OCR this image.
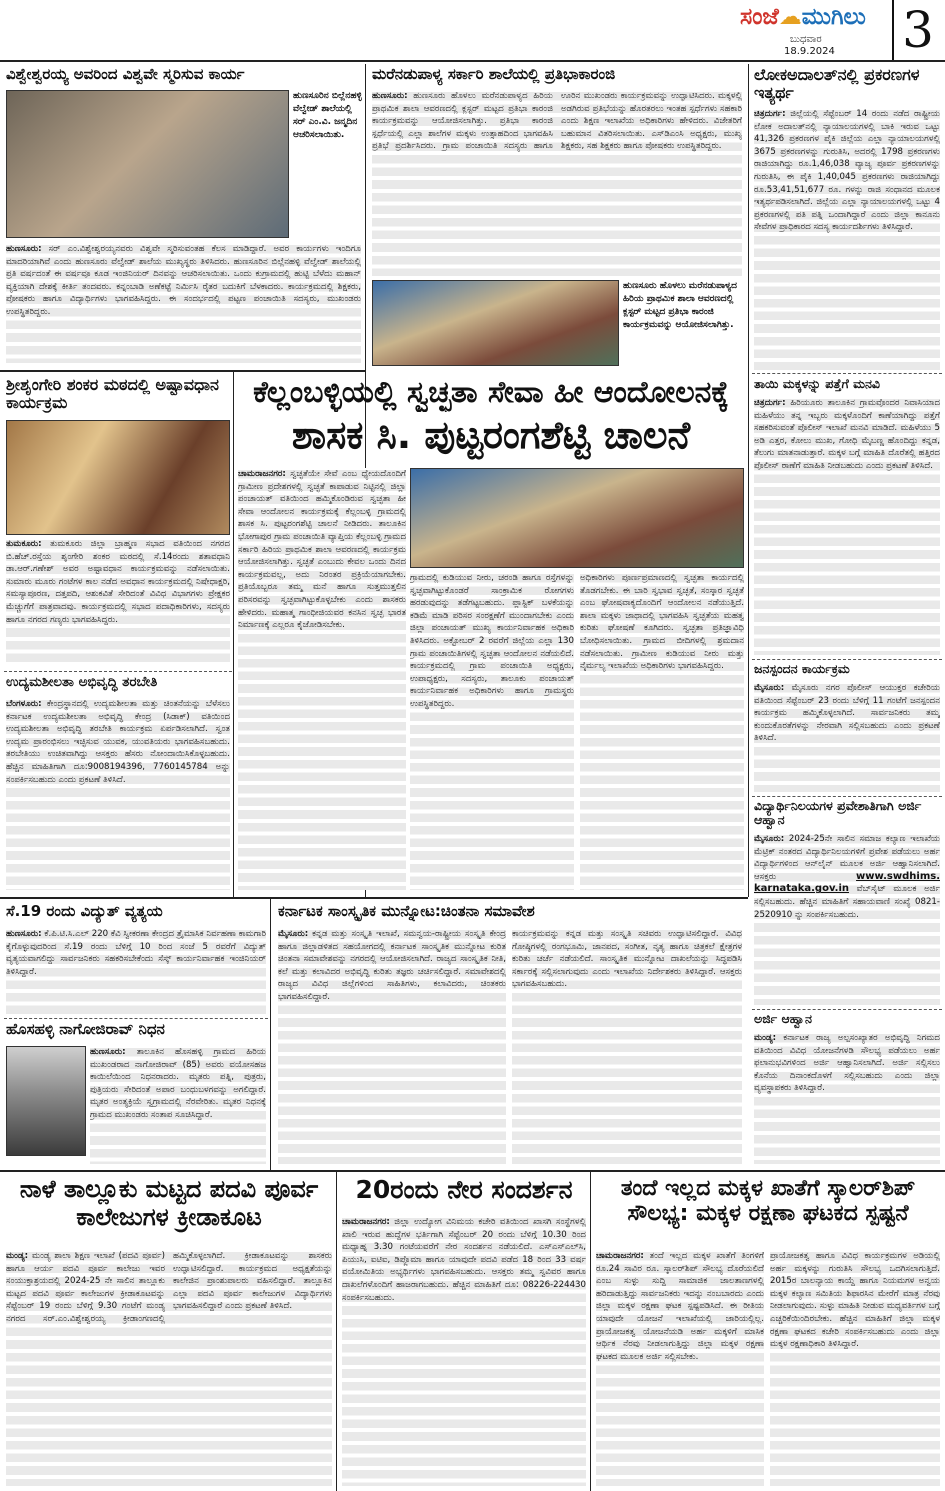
ಸಂಜೆ☁ಮುಗಿಲು
ಬುಧವಾರ
18.9.2024 3
ವಿಶ್ವೇಶ್ವರಯ್ಯ ಅವರಿಂದ ವಿಶ್ವವೇ ಸ್ಮರಿಸುವ ಕಾರ್ಯ
ಹುಣಸೂರಿನ ಬಿಲ್ಲೆನಹಳ್ಳಿ ವೆಲ್ವೇಡ್‌ ಶಾಲೆಯಲ್ಲಿ ಸರ್‌ ಎಂ.ವಿ. ಜನ್ಮದಿನ ಆಚರಿಸಲಾಯಿತು.
ಹುಣಸೂರು: ಸರ್‌ ಎಂ.ವಿಶ್ವೇಶ್ವರಯ್ಯನವರು ವಿಶ್ವವೇ ಸ್ಮರಿಸುವಂತಹ ಕೆಲಸ ಮಾಡಿದ್ದಾರೆ. ಅವರ ಕಾರ್ಯಗಳು ಇಂದಿಗೂ ಮಾದರಿಯಾಗಿವೆ ಎಂದು ಹುಣಸೂರು ವೆಲ್ವೇಡ್‌ ಶಾಲೆಯ ಮುಖ್ಯಸ್ಥರು ತಿಳಿಸಿದರು. ಹುಣಸೂರಿನ ಬಿಲ್ಲೆನಹಳ್ಳಿ ವೆಲ್ವೇಡ್‌ ಶಾಲೆಯಲ್ಲಿ ಪ್ರತಿ ವರ್ಷದಂತೆ ಈ ವರ್ಷವೂ ಕೂಡ ಇಂಜಿನಿಯರ್ ದಿನವನ್ನು ಆಚರಿಸಲಾಯಿತು. ಒಂದು ಕುಗ್ರಾಮದಲ್ಲಿ ಹುಟ್ಟಿ ಬೆಳೆದು ಮಹಾನ್‌ ವ್ಯಕ್ತಿಯಾಗಿ ದೇಶಕ್ಕೆ ಕೀರ್ತಿ ತಂದವರು. ಕನ್ನಂಬಾಡಿ ಅಣೆಕಟ್ಟೆ ನಿರ್ಮಿಸಿ ರೈತರ ಬದುಕಿಗೆ ಬೆಳಕಾದರು. ಕಾರ್ಯಕ್ರಮದಲ್ಲಿ ಶಿಕ್ಷಕರು, ಪೋಷಕರು ಹಾಗೂ ವಿದ್ಯಾರ್ಥಿಗಳು ಭಾಗವಹಿಸಿದ್ದರು. ಈ ಸಂದರ್ಭದಲ್ಲಿ ಪಟ್ಟಣ ಪಂಚಾಯಿತಿ ಸದಸ್ಯರು, ಮುಖಂಡರು ಉಪಸ್ಥಿತರಿದ್ದರು.
ಮರೆನಡುಪಾಳ್ಯ ಸರ್ಕಾರಿ ಶಾಲೆಯಲ್ಲಿ ಪ್ರತಿಭಾಕಾರಂಜಿ
ಹುಣಸೂರು: ಹುಣಸೂರು ಹೊಳಲು ಮರೆನಡುಪಾಳ್ಯದ ಹಿರಿಯ ಪ್ರಾಥಮಿಕ ಶಾಲಾ ಆವರಣದಲ್ಲಿ ಕ್ಲಸ್ಟರ್ ಮಟ್ಟದ ಪ್ರತಿಭಾ ಕಾರಂಜಿ ಕಾರ್ಯಕ್ರಮವನ್ನು ಆಯೋಜಿಸಲಾಗಿತ್ತು. ಪ್ರತಿಭಾ ಕಾರಂಜಿ ಸ್ಪರ್ಧೆಯಲ್ಲಿ ಎಲ್ಲಾ ಶಾಲೆಗಳ ಮಕ್ಕಳು ಉತ್ಸಾಹದಿಂದ ಭಾಗವಹಿಸಿ ಪ್ರತಿಭೆ ಪ್ರದರ್ಶಿಸಿದರು. ಗ್ರಾಮ ಪಂಚಾಯಿತಿ ಸದಸ್ಯರು ಹಾಗೂ ಊರಿನ ಮುಖಂಡರು ಕಾರ್ಯಕ್ರಮವನ್ನು ಉದ್ಘಾಟಿಸಿದರು. ಮಕ್ಕಳಲ್ಲಿ ಅಡಗಿರುವ ಪ್ರತಿಭೆಯನ್ನು ಹೊರತರಲು ಇಂತಹ ಸ್ಪರ್ಧೆಗಳು ಸಹಕಾರಿ ಎಂದು ಶಿಕ್ಷಣ ಇಲಾಖೆಯ ಅಧಿಕಾರಿಗಳು ಹೇಳಿದರು. ವಿಜೇತರಿಗೆ ಬಹುಮಾನ ವಿತರಿಸಲಾಯಿತು. ಎಸ್‌ಡಿಎಂಸಿ ಅಧ್ಯಕ್ಷರು, ಮುಖ್ಯ ಶಿಕ್ಷಕರು, ಸಹ ಶಿಕ್ಷಕರು ಹಾಗೂ ಪೋಷಕರು ಉಪಸ್ಥಿತರಿದ್ದರು.
ಹುಣಸೂರು ಹೊಳಲು ಮರೆನಡುಪಾಳ್ಯದ ಹಿರಿಯ ಪ್ರಾಥಮಿಕ ಶಾಲಾ ಆವರಣದಲ್ಲಿ ಕ್ಲಸ್ಟರ್ ಮಟ್ಟದ ಪ್ರತಿಭಾ ಕಾರಂಜಿ ಕಾರ್ಯಕ್ರಮವನ್ನು ಆಯೋಜಿಸಲಾಗಿತ್ತು.
ಲೋಕಅದಾಲತ್‌ನಲ್ಲಿ ಪ್ರಕರಣಗಳ ಇತ್ಯರ್ಥ
ಚಿತ್ರದುರ್ಗ: ಜಿಲ್ಲೆಯಲ್ಲಿ ಸೆಪ್ಟೆಂಬರ್ 14 ರಂದು ನಡೆದ ರಾಷ್ಟ್ರೀಯ ಲೋಕ ಅದಾಲತ್‌ನಲ್ಲಿ ನ್ಯಾಯಾಲಯಗಳಲ್ಲಿ ಬಾಕಿ ಇರುವ ಒಟ್ಟು 41,326 ಪ್ರಕರಣಗಳ ಪೈಕಿ ಜಿಲ್ಲೆಯ ಎಲ್ಲಾ ನ್ಯಾಯಾಲಯಗಳಲ್ಲಿ 3675 ಪ್ರಕರಣಗಳನ್ನು ಗುರುತಿಸಿ, ಅದರಲ್ಲಿ 1798 ಪ್ರಕರಣಗಳು ರಾಜಿಯಾಗಿದ್ದು ರೂ.1,46,038 ವ್ಯಾಜ್ಯ ಪೂರ್ವ ಪ್ರಕರಣಗಳನ್ನು ಗುರುತಿಸಿ, ಈ ಪೈಕಿ 1,40,045 ಪ್ರಕರಣಗಳು ರಾಜಿಯಾಗಿದ್ದು ರೂ.53,41,51,677 ರೂ. ಗಳನ್ನು ರಾಜಿ ಸಂಧಾನದ ಮೂಲಕ ಇತ್ಯರ್ಥಪಡಿಸಲಾಗಿದೆ. ಜಿಲ್ಲೆಯ ಎಲ್ಲಾ ನ್ಯಾಯಾಲಯಗಳಲ್ಲಿ ಒಟ್ಟು 4 ಪ್ರಕರಣಗಳಲ್ಲಿ ಪತಿ ಪತ್ನಿ ಒಂದಾಗಿದ್ದಾರೆ ಎಂದು ಜಿಲ್ಲಾ ಕಾನೂನು ಸೇವೆಗಳ ಪ್ರಾಧಿಕಾರದ ಸದಸ್ಯ ಕಾರ್ಯದರ್ಶಿಗಳು ತಿಳಿಸಿದ್ದಾರೆ.
ಶ್ರೀಶೃಂಗೇರಿ ಶಂಕರ ಮಠದಲ್ಲಿ ಅಷ್ಟಾವಧಾನ ಕಾರ್ಯಕ್ರಮ
ತುಮಕೂರು: ತುಮಕೂರು ಜಿಲ್ಲಾ ಬ್ರಾಹ್ಮಣ ಸಭಾದ ವತಿಯಿಂದ ನಗರದ ಬಿ.ಹೆಚ್.ರಸ್ತೆಯ ಶೃಂಗೇರಿ ಶಂಕರ ಮಠದಲ್ಲಿ ಸೆ.14ರಂದು ಶತಾವಧಾನಿ ಡಾ.ಆರ್.ಗಣೇಶ್ ಅವರ ಅಷ್ಟಾವಧಾನ ಕಾರ್ಯಕ್ರಮವನ್ನು ನಡೆಸಲಾಯಿತು. ಸುಮಾರು ಮೂರು ಗಂಟೆಗಳ ಕಾಲ ನಡೆದ ಅವಧಾನ ಕಾರ್ಯಕ್ರಮದಲ್ಲಿ ನಿಷೇಧಾಕ್ಷರಿ, ಸಮಸ್ಯಾಪೂರಣ, ದತ್ತಪದಿ, ಆಶುಕವಿತೆ ಸೇರಿದಂತೆ ವಿವಿಧ ವಿಭಾಗಗಳು ಪ್ರೇಕ್ಷಕರ ಮೆಚ್ಚುಗೆಗೆ ಪಾತ್ರವಾದವು. ಕಾರ್ಯಕ್ರಮದಲ್ಲಿ ಸಭಾದ ಪದಾಧಿಕಾರಿಗಳು, ಸದಸ್ಯರು ಹಾಗೂ ನಗರದ ಗಣ್ಯರು ಭಾಗವಹಿಸಿದ್ದರು.
ಉದ್ಯಮಶೀಲತಾ ಅಭಿವೃದ್ಧಿ ತರಬೇತಿ
ಬೆಂಗಳೂರು: ಕೇಂದ್ರಸ್ಥಾನದಲ್ಲಿ ಉದ್ಯಮಶೀಲತಾ ಮತ್ತು ಚಿಂತನೆಯನ್ನು ಬೆಳೆಸಲು ಕರ್ನಾಟಕ ಉದ್ಯಮಶೀಲತಾ ಅಭಿವೃದ್ಧಿ ಕೇಂದ್ರ (ಸಿಡಾಕ್) ವತಿಯಿಂದ ಉದ್ಯಮಶೀಲತಾ ಅಭಿವೃದ್ಧಿ ತರಬೇತಿ ಕಾರ್ಯಕ್ರಮ ಏರ್ಪಡಿಸಲಾಗಿದೆ. ಸ್ವಂತ ಉದ್ಯಮ ಪ್ರಾರಂಭಿಸಲು ಇಚ್ಛಿಸುವ ಯುವಕ, ಯುವತಿಯರು ಭಾಗವಹಿಸಬಹುದು. ತರಬೇತಿಯು ಉಚಿತವಾಗಿದ್ದು ಆಸಕ್ತರು ಹೆಸರು ನೋಂದಾಯಿಸಿಕೊಳ್ಳಬಹುದು. ಹೆಚ್ಚಿನ ಮಾಹಿತಿಗಾಗಿ ದೂ:9008194396, 7760145784 ಅನ್ನು ಸಂಪರ್ಕಿಸಬಹುದು ಎಂದು ಪ್ರಕಟಣೆ ತಿಳಿಸಿದೆ.
ಕೆಲ್ಲಂಬಳ್ಳಿಯಲ್ಲಿ ಸ್ವಚ್ಛತಾ ಸೇವಾ ಹೀ ಆಂದೋಲನಕ್ಕೆ
ಶಾಸಕ ಸಿ. ಪುಟ್ಟರಂಗಶೆಟ್ಟಿ ಚಾಲನೆ
ಚಾಮರಾಜನಗರ: ಸ್ವಚ್ಛತೆಯೇ ಸೇವೆ ಎಂಬ ಧ್ಯೇಯದೊಂದಿಗೆ ಗ್ರಾಮೀಣ ಪ್ರದೇಶಗಳಲ್ಲಿ ಸ್ವಚ್ಛತೆ ಕಾಪಾಡುವ ನಿಟ್ಟಿನಲ್ಲಿ ಜಿಲ್ಲಾ ಪಂಚಾಯತ್ ವತಿಯಿಂದ ಹಮ್ಮಿಕೊಂಡಿರುವ ಸ್ವಚ್ಛತಾ ಹೀ ಸೇವಾ ಆಂದೋಲನ ಕಾರ್ಯಕ್ರಮಕ್ಕೆ ಕೆಲ್ಲಂಬಳ್ಳಿ ಗ್ರಾಮದಲ್ಲಿ ಶಾಸಕ ಸಿ. ಪುಟ್ಟರಂಗಶೆಟ್ಟಿ ಚಾಲನೆ ನೀಡಿದರು. ತಾಲೂಕಿನ ಭೋಗಾಪುರ ಗ್ರಾಮ ಪಂಚಾಯಿತಿ ವ್ಯಾಪ್ತಿಯ ಕೆಲ್ಲಂಬಳ್ಳಿ ಗ್ರಾಮದ ಸರ್ಕಾರಿ ಹಿರಿಯ ಪ್ರಾಥಮಿಕ ಶಾಲಾ ಆವರಣದಲ್ಲಿ ಕಾರ್ಯಕ್ರಮ ಆಯೋಜಿಸಲಾಗಿತ್ತು. ಸ್ವಚ್ಛತೆ ಎಂಬುದು ಕೇವಲ ಒಂದು ದಿನದ ಕಾರ್ಯಕ್ರಮವಲ್ಲ, ಅದು ನಿರಂತರ ಪ್ರಕ್ರಿಯೆಯಾಗಬೇಕು. ಪ್ರತಿಯೊಬ್ಬರೂ ತಮ್ಮ ಮನೆ ಹಾಗೂ ಸುತ್ತಮುತ್ತಲಿನ ಪರಿಸರವನ್ನು ಸ್ವಚ್ಛವಾಗಿಟ್ಟುಕೊಳ್ಳಬೇಕು ಎಂದು ಶಾಸಕರು ಹೇಳಿದರು. ಮಹಾತ್ಮ ಗಾಂಧೀಜಿಯವರ ಕನಸಿನ ಸ್ವಚ್ಛ ಭಾರತ ನಿರ್ಮಾಣಕ್ಕೆ ಎಲ್ಲರೂ ಕೈಜೋಡಿಸಬೇಕು.
ಗ್ರಾಮದಲ್ಲಿ ಕುಡಿಯುವ ನೀರು, ಚರಂಡಿ ಹಾಗೂ ರಸ್ತೆಗಳನ್ನು ಸ್ವಚ್ಛವಾಗಿಟ್ಟುಕೊಂಡರೆ ಸಾಂಕ್ರಾಮಿಕ ರೋಗಗಳು ಹರಡುವುದನ್ನು ತಡೆಗಟ್ಟಬಹುದು. ಪ್ಲಾಸ್ಟಿಕ್ ಬಳಕೆಯನ್ನು ಕಡಿಮೆ ಮಾಡಿ ಪರಿಸರ ಸಂರಕ್ಷಣೆಗೆ ಮುಂದಾಗಬೇಕು ಎಂದು ಜಿಲ್ಲಾ ಪಂಚಾಯತ್ ಮುಖ್ಯ ಕಾರ್ಯನಿರ್ವಾಹಕ ಅಧಿಕಾರಿ ತಿಳಿಸಿದರು. ಅಕ್ಟೋಬರ್ 2 ರವರೆಗೆ ಜಿಲ್ಲೆಯ ಎಲ್ಲಾ 130 ಗ್ರಾಮ ಪಂಚಾಯಿತಿಗಳಲ್ಲಿ ಸ್ವಚ್ಛತಾ ಆಂದೋಲನ ನಡೆಯಲಿದೆ. ಕಾರ್ಯಕ್ರಮದಲ್ಲಿ ಗ್ರಾಮ ಪಂಚಾಯಿತಿ ಅಧ್ಯಕ್ಷರು, ಉಪಾಧ್ಯಕ್ಷರು, ಸದಸ್ಯರು, ತಾಲೂಕು ಪಂಚಾಯತ್ ಕಾರ್ಯನಿರ್ವಾಹಕ ಅಧಿಕಾರಿಗಳು ಹಾಗೂ ಗ್ರಾಮಸ್ಥರು ಉಪಸ್ಥಿತರಿದ್ದರು.
ಅಧಿಕಾರಿಗಳು ಪೂರ್ಣಪ್ರಮಾಣದಲ್ಲಿ ಸ್ವಚ್ಛತಾ ಕಾರ್ಯದಲ್ಲಿ ತೊಡಗಬೇಕು. ಈ ಬಾರಿ ಸ್ವಭಾವ ಸ್ವಚ್ಛತೆ, ಸಂಸ್ಕಾರ ಸ್ವಚ್ಛತೆ ಎಂಬ ಘೋಷವಾಕ್ಯದೊಂದಿಗೆ ಆಂದೋಲನ ನಡೆಯುತ್ತಿದೆ. ಶಾಲಾ ಮಕ್ಕಳು ಜಾಥಾದಲ್ಲಿ ಭಾಗವಹಿಸಿ ಸ್ವಚ್ಛತೆಯ ಮಹತ್ವ ಕುರಿತು ಘೋಷಣೆ ಕೂಗಿದರು. ಸ್ವಚ್ಛತಾ ಪ್ರತಿಜ್ಞಾವಿಧಿ ಬೋಧಿಸಲಾಯಿತು. ಗ್ರಾಮದ ಬೀದಿಗಳಲ್ಲಿ ಶ್ರಮದಾನ ನಡೆಸಲಾಯಿತು. ಗ್ರಾಮೀಣ ಕುಡಿಯುವ ನೀರು ಮತ್ತು ನೈರ್ಮಲ್ಯ ಇಲಾಖೆಯ ಅಧಿಕಾರಿಗಳು ಭಾಗವಹಿಸಿದ್ದರು.
ತಾಯಿ ಮಕ್ಕಳನ್ನು ಪತ್ತೆಗೆ ಮನವಿ
ಚಿತ್ರದುರ್ಗ: ಹಿರಿಯೂರು ತಾಲೂಕಿನ ಗ್ರಾಮವೊಂದರ ನಿವಾಸಿಯಾದ ಮಹಿಳೆಯು ತನ್ನ ಇಬ್ಬರು ಮಕ್ಕಳೊಂದಿಗೆ ಕಾಣೆಯಾಗಿದ್ದು ಪತ್ತೆಗೆ ಸಹಕರಿಸುವಂತೆ ಪೊಲೀಸ್ ಇಲಾಖೆ ಮನವಿ ಮಾಡಿದೆ. ಮಹಿಳೆಯು 5 ಅಡಿ ಎತ್ತರ, ಕೋಲು ಮುಖ, ಗೋಧಿ ಮೈಬಣ್ಣ ಹೊಂದಿದ್ದು ಕನ್ನಡ, ತೆಲುಗು ಮಾತನಾಡುತ್ತಾರೆ. ಮಕ್ಕಳ ಬಗ್ಗೆ ಮಾಹಿತಿ ದೊರೆತಲ್ಲಿ ಹತ್ತಿರದ ಪೊಲೀಸ್ ಠಾಣೆಗೆ ಮಾಹಿತಿ ನೀಡಬಹುದು ಎಂದು ಪ್ರಕಟಣೆ ತಿಳಿಸಿದೆ.
ಜನಸ್ಪಂದನ ಕಾರ್ಯಕ್ರಮ
ಮೈಸೂರು: ಮೈಸೂರು ನಗರ ಪೊಲೀಸ್ ಆಯುಕ್ತರ ಕಚೇರಿಯ ವತಿಯಿಂದ ಸೆಪ್ಟೆಂಬರ್ 23 ರಂದು ಬೆಳಿಗ್ಗೆ 11 ಗಂಟೆಗೆ ಜನಸ್ಪಂದನ ಕಾರ್ಯಕ್ರಮ ಹಮ್ಮಿಕೊಳ್ಳಲಾಗಿದೆ. ಸಾರ್ವಜನಿಕರು ತಮ್ಮ ಕುಂದುಕೊರತೆಗಳನ್ನು ನೇರವಾಗಿ ಸಲ್ಲಿಸಬಹುದು ಎಂದು ಪ್ರಕಟಣೆ ತಿಳಿಸಿದೆ.
ವಿದ್ಯಾರ್ಥಿನಿಲಯಗಳ ಪ್ರವೇಶಾತಿಗಾಗಿ ಅರ್ಜಿ ಆಹ್ವಾನ
ಮೈಸೂರು: 2024-25ನೇ ಸಾಲಿನ ಸಮಾಜ ಕಲ್ಯಾಣ ಇಲಾಖೆಯ ಮೆಟ್ರಿಕ್ ನಂತರದ ವಿದ್ಯಾರ್ಥಿನಿಲಯಗಳಿಗೆ ಪ್ರವೇಶ ಪಡೆಯಲು ಅರ್ಹ ವಿದ್ಯಾರ್ಥಿಗಳಿಂದ ಆನ್‌ಲೈನ್ ಮೂಲಕ ಅರ್ಜಿ ಆಹ್ವಾನಿಸಲಾಗಿದೆ. ಆಸಕ್ತರು	www.swdhims. karnataka.gov.in ವೆಬ್‌ಸೈಟ್ ಮೂಲಕ ಅರ್ಜಿ ಸಲ್ಲಿಸಬಹುದು. ಹೆಚ್ಚಿನ ಮಾಹಿತಿಗೆ ಸಹಾಯವಾಣಿ ಸಂಖ್ಯೆ 0821-2520910 ನ್ನು ಸಂಪರ್ಕಿಸಬಹುದು.
ಅರ್ಜಿ ಆಹ್ವಾನ
ಮಂಡ್ಯ: ಕರ್ನಾಟಕ ರಾಜ್ಯ ಅಲ್ಪಸಂಖ್ಯಾತರ ಅಭಿವೃದ್ಧಿ ನಿಗಮದ ವತಿಯಿಂದ ವಿವಿಧ ಯೋಜನೆಗಳಡಿ ಸೌಲಭ್ಯ ಪಡೆಯಲು ಅರ್ಹ ಫಲಾನುಭವಿಗಳಿಂದ ಅರ್ಜಿ ಆಹ್ವಾನಿಸಲಾಗಿದೆ. ಅರ್ಜಿ ಸಲ್ಲಿಸಲು ಕೊನೆಯ ದಿನಾಂಕದೊಳಗೆ ಸಲ್ಲಿಸಬಹುದು ಎಂದು ಜಿಲ್ಲಾ ವ್ಯವಸ್ಥಾಪಕರು ತಿಳಿಸಿದ್ದಾರೆ.
ಸೆ.19 ರಂದು ವಿದ್ಯುತ್ ವ್ಯತ್ಯಯ
ಹುಣಸೂರು: ಕೆ.ಪಿ.ಟಿ.ಸಿ.ಎಲ್‌ 220 ಕೆವಿ ಸ್ವೀಕರಣಾ ಕೇಂದ್ರದ ತ್ರೈಮಾಸಿಕ ನಿರ್ವಹಣಾ ಕಾಮಗಾರಿ ಕೈಗೊಳ್ಳುವುದರಿಂದ ಸೆ.19 ರಂದು ಬೆಳಿಗ್ಗೆ 10 ರಿಂದ ಸಂಜೆ 5 ರವರೆಗೆ ವಿದ್ಯುತ್ ವ್ಯತ್ಯಯವಾಗಲಿದ್ದು ಸಾರ್ವಜನಿಕರು ಸಹಕರಿಸಬೇಕೆಂದು ಸೆಸ್ಕ್ ಕಾರ್ಯನಿರ್ವಾಹಕ ಇಂಜಿನಿಯರ್ ತಿಳಿಸಿದ್ದಾರೆ.
ಹೊಸಹಳ್ಳಿ ನಾಗೋಜಿರಾವ್ ನಿಧನ
ಹುಣಸೂರು: ತಾಲೂಕಿನ ಹೊಸಹಳ್ಳಿ ಗ್ರಾಮದ ಹಿರಿಯ ಮುಖಂಡರಾದ ನಾಗೋಜಿರಾವ್ (85) ಅವರು ವಯೋಸಹಜ ಕಾಯಿಲೆಯಿಂದ ನಿಧನರಾದರು. ಮೃತರು ಪತ್ನಿ, ಪುತ್ರರು, ಪುತ್ರಿಯರು ಸೇರಿದಂತೆ ಅಪಾರ ಬಂಧುಬಳಗವನ್ನು ಅಗಲಿದ್ದಾರೆ. ಮೃತರ ಅಂತ್ಯಕ್ರಿಯೆ ಸ್ವಗ್ರಾಮದಲ್ಲಿ ನೆರವೇರಿತು. ಮೃತರ ನಿಧನಕ್ಕೆ ಗ್ರಾಮದ ಮುಖಂಡರು ಸಂತಾಪ ಸೂಚಿಸಿದ್ದಾರೆ.
ಕರ್ನಾಟಕ ಸಾಂಸ್ಕೃತಿಕ ಮುನ್ನೋಟ:ಚಿಂತನಾ ಸಮಾವೇಶ
ಮೈಸೂರು: ಕನ್ನಡ ಮತ್ತು ಸಂಸ್ಕೃತಿ ಇಲಾಖೆ, ಸಮನ್ವಯ-ರಾಷ್ಟ್ರೀಯ ಸಂಸ್ಕೃತಿ ಕೇಂದ್ರ ಹಾಗೂ ಜಿಲ್ಲಾಡಳಿತದ ಸಹಯೋಗದಲ್ಲಿ ಕರ್ನಾಟಕ ಸಾಂಸ್ಕೃತಿಕ ಮುನ್ನೋಟ ಕುರಿತ ಚಿಂತನಾ ಸಮಾವೇಶವನ್ನು ನಗರದಲ್ಲಿ ಆಯೋಜಿಸಲಾಗಿದೆ. ರಾಜ್ಯದ ಸಾಂಸ್ಕೃತಿಕ ನೀತಿ, ಕಲೆ ಮತ್ತು ಕಲಾವಿದರ ಅಭಿವೃದ್ಧಿ ಕುರಿತು ತಜ್ಞರು ಚರ್ಚಿಸಲಿದ್ದಾರೆ. ಸಮಾವೇಶದಲ್ಲಿ ರಾಜ್ಯದ ವಿವಿಧ ಜಿಲ್ಲೆಗಳಿಂದ ಸಾಹಿತಿಗಳು, ಕಲಾವಿದರು, ಚಿಂತಕರು ಭಾಗವಹಿಸಲಿದ್ದಾರೆ.
ಕಾರ್ಯಕ್ರಮವನ್ನು ಕನ್ನಡ ಮತ್ತು ಸಂಸ್ಕೃತಿ ಸಚಿವರು ಉದ್ಘಾಟಿಸಲಿದ್ದಾರೆ. ವಿವಿಧ ಗೋಷ್ಠಿಗಳಲ್ಲಿ ರಂಗಭೂಮಿ, ಜಾನಪದ, ಸಂಗೀತ, ನೃತ್ಯ ಹಾಗೂ ಚಿತ್ರಕಲೆ ಕ್ಷೇತ್ರಗಳ ಕುರಿತು ಚರ್ಚೆ ನಡೆಯಲಿದೆ. ಸಾಂಸ್ಕೃತಿಕ ಮುನ್ನೋಟ ದಾಖಲೆಯನ್ನು ಸಿದ್ಧಪಡಿಸಿ ಸರ್ಕಾರಕ್ಕೆ ಸಲ್ಲಿಸಲಾಗುವುದು ಎಂದು ಇಲಾಖೆಯ ನಿರ್ದೇಶಕರು ತಿಳಿಸಿದ್ದಾರೆ. ಆಸಕ್ತರು ಭಾಗವಹಿಸಬಹುದು.
ನಾಳೆ ತಾಲ್ಲೂಕು ಮಟ್ಟದ ಪದವಿ ಪೂರ್ವ ಕಾಲೇಜುಗಳ ಕ್ರೀಡಾಕೂಟ
ಮಂಡ್ಯ: ಮಂಡ್ಯ ಶಾಲಾ ಶಿಕ್ಷಣ ಇಲಾಖೆ (ಪದವಿ ಪೂರ್ವ) ಹಾಗೂ ಆರ್ಯ ಪದವಿ ಪೂರ್ವ ಕಾಲೇಜು ಇವರ ಸಂಯುಕ್ತಾಶ್ರಯದಲ್ಲಿ 2024-25 ನೇ ಸಾಲಿನ ತಾಲ್ಲೂಕು ಮಟ್ಟದ ಪದವಿ ಪೂರ್ವ ಕಾಲೇಜುಗಳ ಕ್ರೀಡಾಕೂಟವನ್ನು ಸೆಪ್ಟೆಂಬರ್ 19 ರಂದು ಬೆಳಿಗ್ಗೆ 9.30 ಗಂಟೆಗೆ ಮಂಡ್ಯ ನಗರದ ಸರ್.ಎಂ.ವಿಶ್ವೇಶ್ವರಯ್ಯ ಕ್ರೀಡಾಂಗಣದಲ್ಲಿ ಹಮ್ಮಿಕೊಳ್ಳಲಾಗಿದೆ. ಕ್ರೀಡಾಕೂಟವನ್ನು ಶಾಸಕರು ಉದ್ಘಾಟಿಸಲಿದ್ದಾರೆ. ಕಾರ್ಯಕ್ರಮದ ಅಧ್ಯಕ್ಷತೆಯನ್ನು ಕಾಲೇಜಿನ ಪ್ರಾಂಶುಪಾಲರು ವಹಿಸಲಿದ್ದಾರೆ. ತಾಲ್ಲೂಕಿನ ಎಲ್ಲಾ ಪದವಿ ಪೂರ್ವ ಕಾಲೇಜುಗಳ ವಿದ್ಯಾರ್ಥಿಗಳು ಭಾಗವಹಿಸಲಿದ್ದಾರೆ ಎಂದು ಪ್ರಕಟಣೆ ತಿಳಿಸಿದೆ.
20ರಂದು ನೇರ ಸಂದರ್ಶನ
ಚಾಮರಾಜನಗರ: ಜಿಲ್ಲಾ ಉದ್ಯೋಗ ವಿನಿಮಯ ಕಚೇರಿ ವತಿಯಿಂದ ಖಾಸಗಿ ಸಂಸ್ಥೆಗಳಲ್ಲಿ ಖಾಲಿ ಇರುವ ಹುದ್ದೆಗಳ ಭರ್ತಿಗಾಗಿ ಸೆಪ್ಟೆಂಬರ್ 20 ರಂದು ಬೆಳಿಗ್ಗೆ 10.30 ರಿಂದ ಮಧ್ಯಾಹ್ನ 3.30 ಗಂಟೆಯವರೆಗೆ ನೇರ ಸಂದರ್ಶನ ನಡೆಯಲಿದೆ. ಎಸ್‌ಎಸ್‌ಎಲ್‌ಸಿ, ಪಿಯುಸಿ, ಐಟಿಐ, ಡಿಪ್ಲೊಮಾ ಹಾಗೂ ಯಾವುದೇ ಪದವಿ ಪಡೆದ 18 ರಿಂದ 33 ವರ್ಷ ವಯೋಮಿತಿಯ ಅಭ್ಯರ್ಥಿಗಳು ಭಾಗವಹಿಸಬಹುದು. ಆಸಕ್ತರು ತಮ್ಮ ಸ್ವವಿವರ ಹಾಗೂ ದಾಖಲೆಗಳೊಂದಿಗೆ ಹಾಜರಾಗಬಹುದು. ಹೆಚ್ಚಿನ ಮಾಹಿತಿಗೆ ದೂ: 08226-224430 ಸಂಪರ್ಕಿಸಬಹುದು.
ತಂದೆ ಇಲ್ಲದ ಮಕ್ಕಳ ಖಾತೆಗೆ ಸ್ಕಾಲರ್‌ಶಿಪ್ ಸೌಲಭ್ಯ: ಮಕ್ಕಳ ರಕ್ಷಣಾ ಘಟಕದ ಸ್ಪಷ್ಟನೆ
ಚಾಮರಾಜನಗರ: ತಂದೆ ಇಲ್ಲದ ಮಕ್ಕಳ ಖಾತೆಗೆ ತಿಂಗಳಿಗೆ ರೂ.24 ಸಾವಿರ ರೂ. ಸ್ಕಾಲರ್‌ಶಿಪ್ ಸೌಲಭ್ಯ ದೊರೆಯಲಿದೆ ಎಂಬ ಸುಳ್ಳು ಸುದ್ದಿ ಸಾಮಾಜಿಕ ಜಾಲತಾಣಗಳಲ್ಲಿ ಹರಿದಾಡುತ್ತಿದ್ದು ಸಾರ್ವಜನಿಕರು ಇದನ್ನು ನಂಬಬಾರದು ಎಂದು ಜಿಲ್ಲಾ ಮಕ್ಕಳ ರಕ್ಷಣಾ ಘಟಕ ಸ್ಪಷ್ಟಪಡಿಸಿದೆ. ಈ ರೀತಿಯ ಯಾವುದೇ ಯೋಜನೆ ಇಲಾಖೆಯಲ್ಲಿ ಜಾರಿಯಲ್ಲಿಲ್ಲ. ಪ್ರಾಯೋಜಕತ್ವ ಯೋಜನೆಯಡಿ ಅರ್ಹ ಮಕ್ಕಳಿಗೆ ಮಾಸಿಕ ಆರ್ಥಿಕ ನೆರವು ನೀಡಲಾಗುತ್ತಿದ್ದು ಜಿಲ್ಲಾ ಮಕ್ಕಳ ರಕ್ಷಣಾ ಘಟಕದ ಮೂಲಕ ಅರ್ಜಿ ಸಲ್ಲಿಸಬೇಕು.
ಪ್ರಾಯೋಜಕತ್ವ ಹಾಗೂ ವಿವಿಧ ಕಾರ್ಯಕ್ರಮಗಳ ಅಡಿಯಲ್ಲಿ ಅರ್ಹ ಮಕ್ಕಳನ್ನು ಗುರುತಿಸಿ ಸೌಲಭ್ಯ ಒದಗಿಸಲಾಗುತ್ತಿದೆ. 2015ರ ಬಾಲನ್ಯಾಯ ಕಾಯ್ದೆ ಹಾಗೂ ನಿಯಮಗಳ ಅನ್ವಯ ಮಕ್ಕಳ ಕಲ್ಯಾಣ ಸಮಿತಿಯ ಶಿಫಾರಸಿನ ಮೇರೆಗೆ ಮಾತ್ರ ನೆರವು ನೀಡಲಾಗುವುದು. ಸುಳ್ಳು ಮಾಹಿತಿ ನೀಡುವ ಮಧ್ಯವರ್ತಿಗಳ ಬಗ್ಗೆ ಎಚ್ಚರಿಕೆಯಿಂದಿರಬೇಕು. ಹೆಚ್ಚಿನ ಮಾಹಿತಿಗೆ ಜಿಲ್ಲಾ ಮಕ್ಕಳ ರಕ್ಷಣಾ ಘಟಕದ ಕಚೇರಿ ಸಂಪರ್ಕಿಸಬಹುದು ಎಂದು ಜಿಲ್ಲಾ ಮಕ್ಕಳ ರಕ್ಷಣಾಧಿಕಾರಿ ತಿಳಿಸಿದ್ದಾರೆ.
